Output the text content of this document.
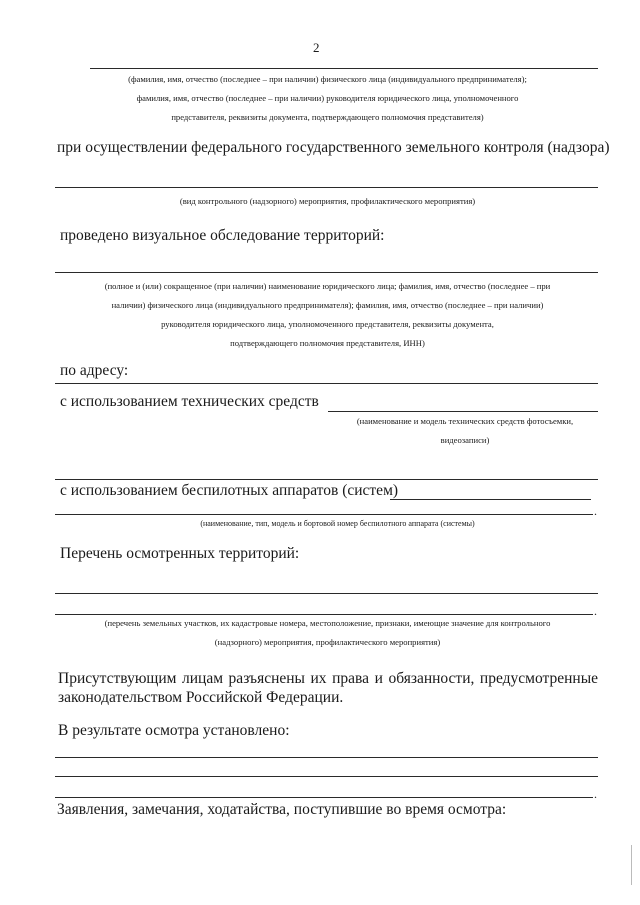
2
(фамилия, имя, отчество (последнее – при наличии) физического лица (индивидуального предпринимателя);
фамилия, имя, отчество (последнее – при наличии) руководителя юридического лица, уполномоченного
представителя, реквизиты документа, подтверждающего полномочия представителя)
при осуществлении федерального государственного земельного контроля (надзора)
(вид контрольного (надзорного) мероприятия, профилактического мероприятия)
проведено визуальное обследование территорий:
(полное и (или) сокращенное (при наличии) наименование юридического лица; фамилия, имя, отчество (последнее – при
наличии) физического лица (индивидуального предпринимателя); фамилия, имя, отчество (последнее – при наличии)
руководителя юридического лица, уполномоченного представителя, реквизиты документа,
подтверждающего полномочия представителя, ИНН)
по адресу:
с использованием технических средств
(наименование и модель технических средств фотосъемки,
видеозаписи)
с использованием беспилотных аппаратов (систем)
.
(наименование, тип, модель и бортовой номер беспилотного аппарата (системы)
Перечень осмотренных территорий:
.
(перечень земельных участков, их кадастровые номера, местоположение, признаки, имеющие значение для контрольного
(надзорного) мероприятия, профилактического мероприятия)
Присутствующим лицам разъяснены их права и обязанности, предусмотренные
законодательством Российской Федерации.
В результате осмотра установлено:
.
Заявления, замечания, ходатайства, поступившие во время осмотра:
